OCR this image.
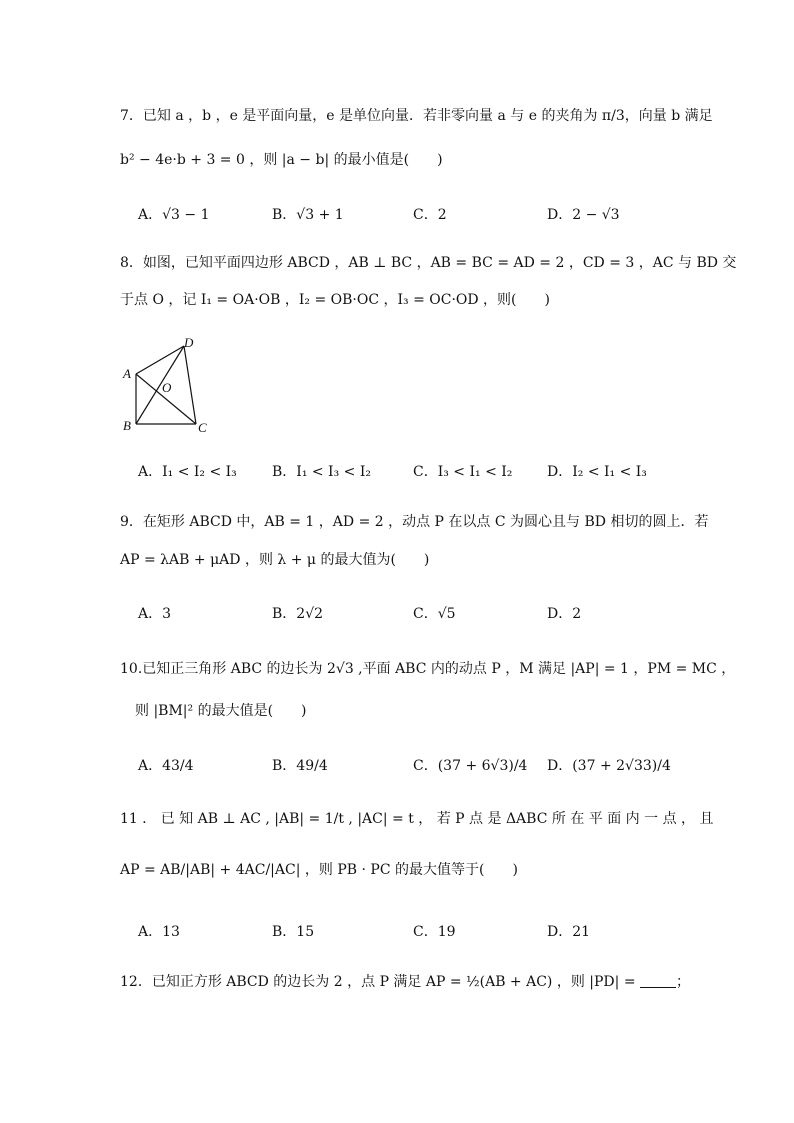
7．已知 a ，b ，e 是平面向量，e 是单位向量．若非零向量 a 与 e 的夹角为 π/3，向量 b 满足
b² − 4e·b + 3 = 0 ，则 |a − b| 的最小值是(　　)
A．√3 − 1	B．√3 + 1	C．2	D．2 − √3
8．如图，已知平面四边形 ABCD ，AB ⊥ BC ，AB = BC = AD = 2 ，CD = 3 ，AC 与 BD 交
于点 O ，记 I₁ = OA·OB ，I₂ = OB·OC ，I₃ = OC·OD ，则(　　)
A
B	C
D
O
A．I₁ < I₂ < I₃	B．I₁ < I₃ < I₂	C．I₃ < I₁ < I₂ D．I₂ < I₁ < I₃
9．在矩形 ABCD 中，AB = 1 ，AD = 2 ，动点 P 在以点 C 为圆心且与 BD 相切的圆上．若
AP = λAB + μAD ，则 λ + μ 的最大值为(　　)
A．3	B．2√2	C．√5	D．2
10.已知正三角形 ABC 的边长为 2√3 ,平面 ABC 内的动点 P ，M 满足 |AP| = 1 ，PM = MC ，
则 |BM|² 的最大值是(　　)
A．43/4	B．49/4	C．(37 + 6√3)/4 D．(37 + 2√33)/4
11 ． 已 知 AB ⊥ AC , |AB| = 1/t , |AC| = t ， 若 P 点 是 ΔABC 所 在 平 面 内 一 点 ， 且
AP = AB/|AB| + 4AC/|AC| ，则 PB · PC 的最大值等于(　　)
A．13	B．15	C．19	D．21
12．已知正方形 ABCD 的边长为 2 ，点 P 满足 AP = ½(AB + AC) ，则 |PD| =	；
